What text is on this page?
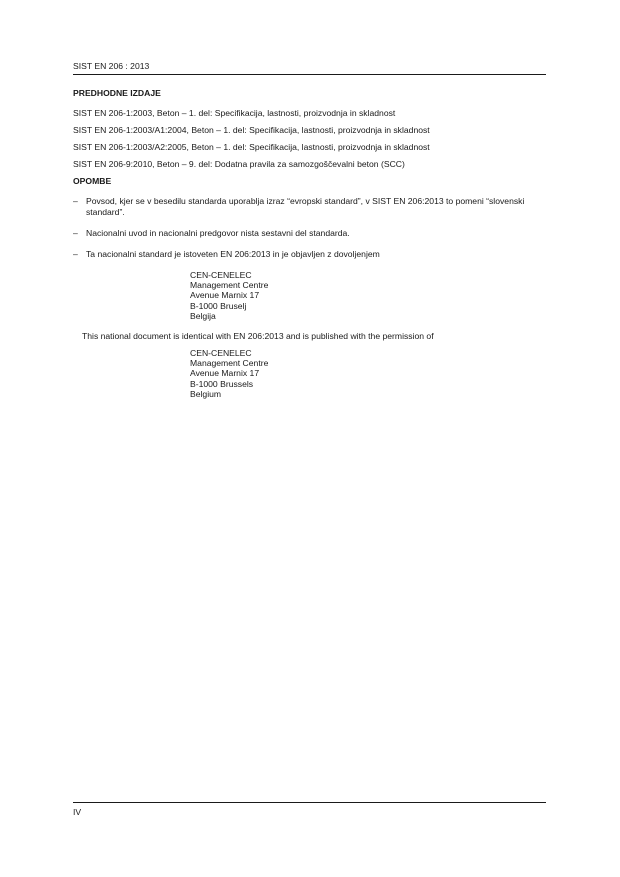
SIST EN 206 : 2013
PREDHODNE IZDAJE
SIST EN 206-1:2003, Beton – 1. del: Specifikacija, lastnosti, proizvodnja in skladnost
SIST EN 206-1:2003/A1:2004, Beton – 1. del: Specifikacija, lastnosti, proizvodnja in skladnost
SIST EN 206-1:2003/A2:2005, Beton – 1. del: Specifikacija, lastnosti, proizvodnja in skladnost
SIST EN 206-9:2010, Beton – 9. del: Dodatna pravila za samozgoščevalni beton (SCC)
OPOMBE
– Povsod, kjer se v besedilu standarda uporablja izraz “evropski standard”, v SIST EN 206:2013 to pomeni “slovenski standard”.
– Nacionalni uvod in nacionalni predgovor nista sestavni del standarda.
– Ta nacionalni standard je istoveten EN 206:2013 in je objavljen z dovoljenjem
CEN-CENELEC
Management Centre
Avenue Marnix 17
B-1000 Bruselj
Belgija
This national document is identical with EN 206:2013 and is published with the permission of
CEN-CENELEC
Management Centre
Avenue Marnix 17
B-1000 Brussels
Belgium
IV
